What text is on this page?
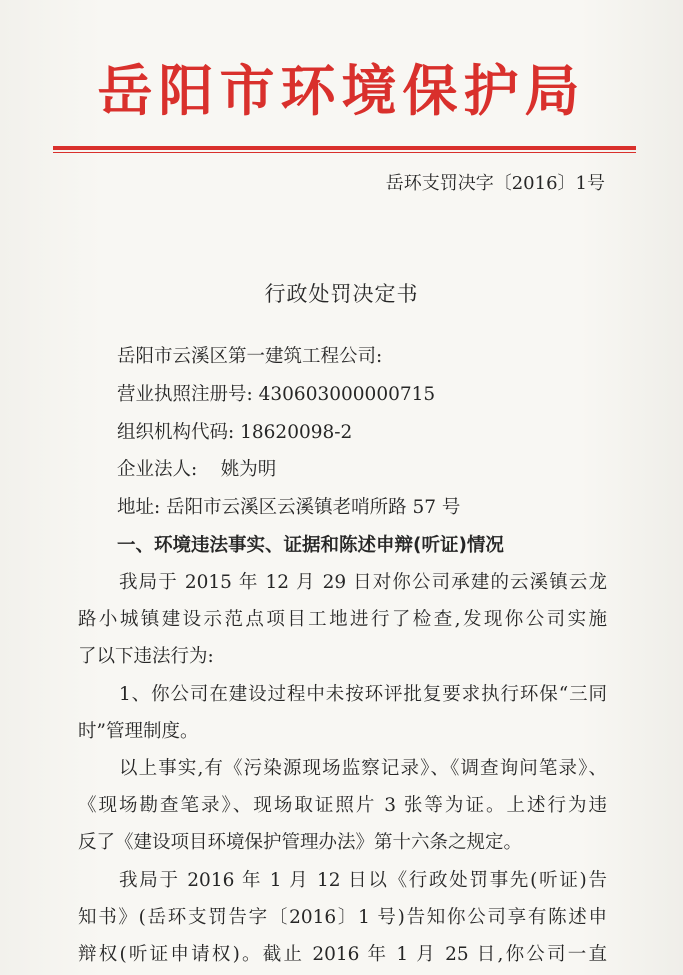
岳阳市环境保护局
岳环支罚决字〔2016〕1号
行政处罚决定书
岳阳市云溪区第一建筑工程公司:
营业执照注册号: 430603000000715
组织机构代码: 18620098-2
企业法人:    姚为明
地址: 岳阳市云溪区云溪镇老哨所路 57 号
一、环境违法事实、证据和陈述申辩(听证)情况
我局于 2015 年 12 月 29 日对你公司承建的云溪镇云龙
路小城镇建设示范点项目工地进行了检查,发现你公司实施
了以下违法行为:
1、你公司在建设过程中未按环评批复要求执行环保“三同
时”管理制度。
以上事实,有《污染源现场监察记录》、《调查询问笔录》、
《现场勘查笔录》、现场取证照片 3 张等为证。上述行为违
反了《建设项目环境保护管理办法》第十六条之规定。
我局于 2016 年 1 月 12 日以《行政处罚事先(听证)告
知书》(岳环支罚告字〔2016〕1 号)告知你公司享有陈述申
辩权(听证申请权)。截止 2016 年 1 月 25 日,你公司一直
